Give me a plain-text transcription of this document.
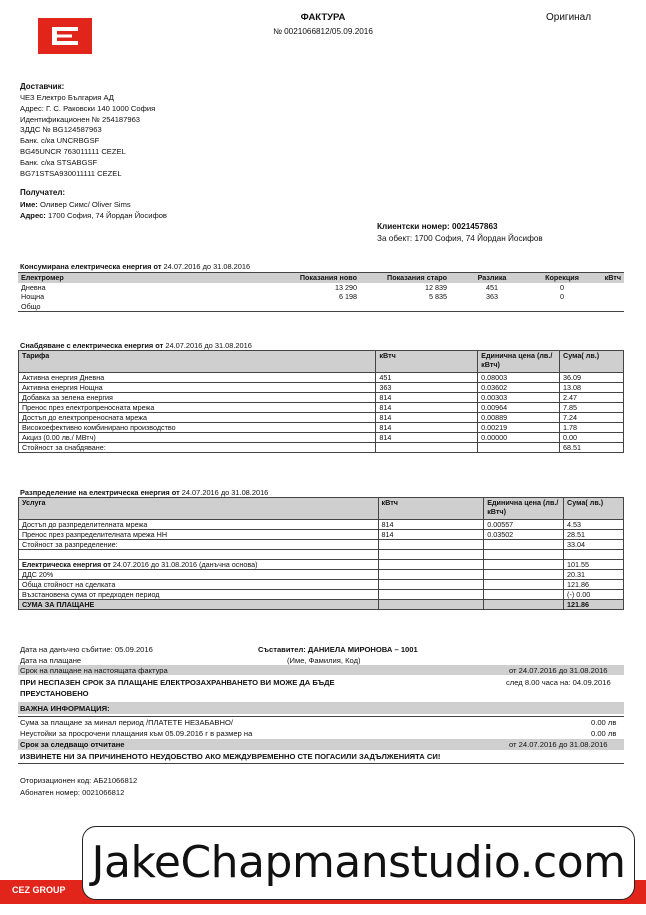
ФАКТУРА
№ 0021066812/05.09.2016
Оригинал
Доставчик:
ЧЕЗ Електро България АД
Адрес: Г. С. Раковски 140 1000 София
Идентификационен № 254187963
ЗДДС № BG124587963
Банк. с/ка UNCRBGSF
BG45UNCR 763011111 CEZEL
Банк. с/ка STSABGSF
BG71STSA930011111 CEZEL
Получател:
Име: Оливер Симс/ Oliver Sims
Адрес: 1700 София, 74 Йордан Йосифов
Клиентски номер: 0021457863
За обект: 1700 София, 74 Йордан Йосифов
Консумирана електрическа енергия от 24.07.2016 до 31.08.2016
Електромер	Показания ново	Показания старо	Разлика	Корекция	кВтч
Дневна	13 290	12 839	451	0	
Нощна	6 198	5 835	363	0	
Общо					
Снабдяване с електрическа енергия от 24.07.2016 до 31.08.2016
Тарифа	кВтч	Единична цена (лв./ кВтч)	Сума( лв.)
Активна енергия Дневна	451	0.08003	36.09
Активна енергия Нощна	363	0.03602	13.08
Добавка за зелена енергия	814	0.00303	2.47
Пренос през електропреносната мрежа	814	0.00964	7.85
Достъп до електропреносната мрежа	814	0.00889	7.24
Високоефективно комбинирано производство	814	0.00219	1.78
Акциз (0.00 лв./ MВтч)	814	0.00000	0.00
Стойност за снабдяване:			68.51
Разпределение на електрическа енергия от 24.07.2016 до 31.08.2016
Услуга	кВтч	Единична цена (лв./ кВтч)	Сума( лв.)
Достъп до разпределителната мрежа	814	0.00557	4.53
Пренос през разпределителната мрежа НН	814	0.03502	28.51
Стойност за разпределение:			33.04

Електрическа енергия от 24.07.2016 до 31.08.2016 (данъчна основа)			101.55
ДДС 20%			20.31
Обща стойност на сделката			121.86
Възстановена сума от предходен период			(-) 0.00
СУМА ЗА ПЛАЩАНЕ			121.86
Дата на данъчно събитие: 05.09.2016	Съставител: ДАНИЕЛА МИРОНОВА – 1001
Дата на плащане	(Име, Фамилия, Код)
Срок на плащане на настоящата фактура	от 24.07.2016 до 31.08.2016
ПРИ НЕСПАЗЕН СРОК ЗА ПЛАЩАНЕ ЕЛЕКТРОЗАХРАНВАНЕТО ВИ МОЖЕ ДА БЪДЕ	след 8.00 часа на: 04.09.2016
ПРЕУСТАНОВЕНО
ВАЖНА ИНФОРМАЦИЯ:
Сума за плащане за минал период /ПЛАТЕТЕ НЕЗАБАВНО/	0.00 лв
Неустойки за просрочени плащания към 05.09.2016 г в размер на	0.00 лв
Срок за следващо отчитане	от 24.07.2016 до 31.08.2016
ИЗВИНЕТЕ НИ ЗА ПРИЧИНЕНОТО НЕУДОБСТВО АКО МЕЖДУВРЕМЕННО СТЕ ПОГАСИЛИ ЗАДЪЛЖЕНИЯТА СИ!
Оторизационен код: АБ21066812
Абонатен номер: 0021066812
CEZ GROUP
JakeChapmanstudio.com
